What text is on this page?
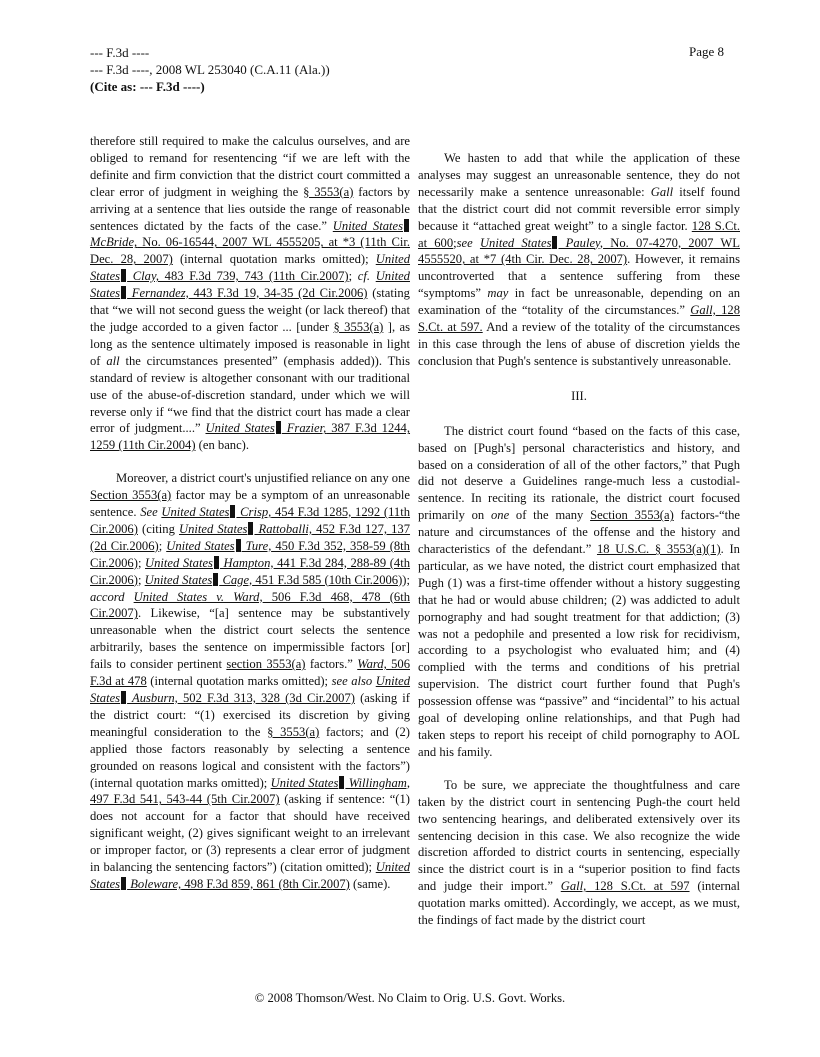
--- F.3d ----
--- F.3d ----, 2008 WL 253040 (C.A.11 (Ala.))
(Cite as: --- F.3d ----)
Page 8

therefore still required to make the calculus ourselves, and are obliged to remand for resentencing “if we are left with the definite and firm conviction that the district court committed a clear error of judgment in weighing the § 3553(a) factors by arriving at a sentence that lies outside the range of reasonable sentences dictated by the facts of the case.” United States McBride, No. 06-16544, 2007 WL 4555205, at *3 (11th Cir. Dec. 28, 2007) (internal quotation marks omitted); United States Clay, 483 F.3d 739, 743 (11th Cir.2007); cf. United States Fernandez, 443 F.3d 19, 34-35 (2d Cir.2006) (stating that “we will not second guess the weight (or lack thereof) that the judge accorded to a given factor ... [under § 3553(a) ], as long as the sentence ultimately imposed is reasonable in light of all the circumstances presented” (emphasis added)). This standard of review is altogether consonant with our traditional use of the abuse-of-discretion standard, under which we will reverse only if “we find that the district court has made a clear error of judgment....” United States Frazier, 387 F.3d 1244, 1259 (11th Cir.2004) (en banc).

Moreover, a district court's unjustified reliance on any one Section 3553(a) factor may be a symptom of an unreasonable sentence. See United States Crisp, 454 F.3d 1285, 1292 (11th Cir.2006) (citing United States Rattoballi, 452 F.3d 127, 137 (2d Cir.2006); United States Ture, 450 F.3d 352, 358-59 (8th Cir.2006); United States Hampton, 441 F.3d 284, 288-89 (4th Cir.2006); United States Cage, 451 F.3d 585 (10th Cir.2006)); accord United States v. Ward, 506 F.3d 468, 478 (6th Cir.2007). Likewise, “[a] sentence may be substantively unreasonable when the district court selects the sentence arbitrarily, bases the sentence on impermissible factors [or] fails to consider pertinent section 3553(a) factors.” Ward, 506 F.3d at 478 (internal quotation marks omitted); see also United States Ausburn, 502 F.3d 313, 328 (3d Cir.2007) (asking if the district court: “(1) exercised its discretion by giving meaningful consideration to the § 3553(a) factors; and (2) applied those factors reasonably by selecting a sentence grounded on reasons logical and consistent with the factors”) (internal quotation marks omitted); United States Willingham, 497 F.3d 541, 543-44 (5th Cir.2007) (asking if sentence: “(1) does not account for a factor that should have received significant weight, (2) gives significant weight to an irrelevant or improper factor, or (3) represents a clear error of judgment in balancing the sentencing factors”) (citation omitted); United States Boleware, 498 F.3d 859, 861 (8th Cir.2007) (same).

We hasten to add that while the application of these analyses may suggest an unreasonable sentence, they do not necessarily make a sentence unreasonable: Gall itself found that the district court did not commit reversible error simply because it “attached great weight” to a single factor. 128 S.Ct. at 600;see United States Pauley, No. 07-4270, 2007 WL 4555520, at *7 (4th Cir. Dec. 28, 2007). However, it remains uncontroverted that a sentence suffering from these “symptoms” may in fact be unreasonable, depending on an examination of the “totality of the circumstances.” Gall, 128 S.Ct. at 597. And a review of the totality of the circumstances in this case through the lens of abuse of discretion yields the conclusion that Pugh's sentence is substantively unreasonable.

III.

The district court found “based on the facts of this case, based on [Pugh's] personal characteristics and history, and based on a consideration of all of the other factors,” that Pugh did not deserve a Guidelines range-much less a custodial-sentence. In reciting its rationale, the district court focused primarily on one of the many Section 3553(a) factors-“the nature and circumstances of the offense and the history and characteristics of the defendant.” 18 U.S.C. § 3553(a)(1). In particular, as we have noted, the district court emphasized that Pugh (1) was a first-time offender without a history suggesting that he had or would abuse children; (2) was addicted to adult pornography and had sought treatment for that addiction; (3) was not a pedophile and presented a low risk for recidivism, according to a psychologist who evaluated him; and (4) complied with the terms and conditions of his pretrial supervision. The district court further found that Pugh's possession offense was “passive” and “incidental” to his actual goal of developing online relationships, and that Pugh had taken steps to report his receipt of child pornography to AOL and his family.

To be sure, we appreciate the thoughtfulness and care taken by the district court in sentencing Pugh-the court held two sentencing hearings, and deliberated extensively over its sentencing decision in this case. We also recognize the wide discretion afforded to district courts in sentencing, especially since the district court is in a “superior position to find facts and judge their import.” Gall, 128 S.Ct. at 597 (internal quotation marks omitted). Accordingly, we accept, as we must, the findings of fact made by the district court

© 2008 Thomson/West. No Claim to Orig. U.S. Govt. Works.
